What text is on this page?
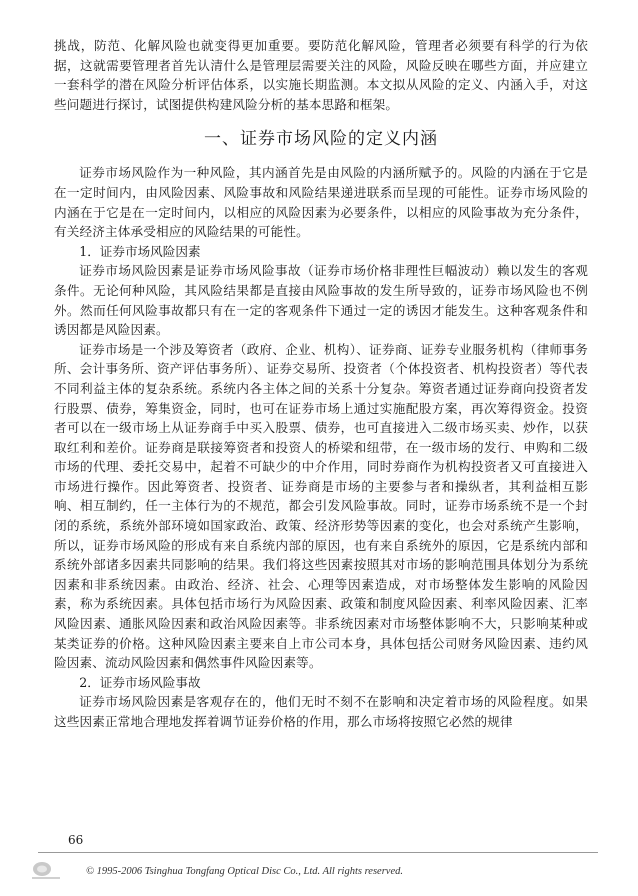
挑战，防范、化解风险也就变得更加重要。要防范化解风险，管理者必须要有科学的行为依据，这就需要管理者首先认清什么是管理层需要关注的风险，风险反映在哪些方面，并应建立一套科学的潜在风险分析评估体系，以实施长期监测。本文拟从风险的定义、内涵入手，对这些问题进行探讨，试图提供构建风险分析的基本思路和框架。

一、证券市场风险的定义内涵

证券市场风险作为一种风险，其内涵首先是由风险的内涵所赋予的。风险的内涵在于它是在一定时间内，由风险因素、风险事故和风险结果递进联系而呈现的可能性。证券市场风险的内涵在于它是在一定时间内，以相应的风险因素为必要条件，以相应的风险事故为充分条件，有关经济主体承受相应的风险结果的可能性。

1．证券市场风险因素

证券市场风险因素是证券市场风险事故（证券市场价格非理性巨幅波动）赖以发生的客观条件。无论何种风险，其风险结果都是直接由风险事故的发生所导致的，证券市场风险也不例外。然而任何风险事故都只有在一定的客观条件下通过一定的诱因才能发生。这种客观条件和诱因都是风险因素。

证券市场是一个涉及筹资者（政府、企业、机构）、证券商、证券专业服务机构（律师事务所、会计事务所、资产评估事务所）、证券交易所、投资者（个体投资者、机构投资者）等代表不同利益主体的复杂系统。系统内各主体之间的关系十分复杂。筹资者通过证券商向投资者发行股票、债券，筹集资金，同时，也可在证券市场上通过实施配股方案，再次筹得资金。投资者可以在一级市场上从证券商手中买入股票、债券，也可直接进入二级市场买卖、炒作，以获取红利和差价。证券商是联接筹资者和投资人的桥梁和纽带，在一级市场的发行、申购和二级市场的代理、委托交易中，起着不可缺少的中介作用，同时券商作为机构投资者又可直接进入市场进行操作。因此筹资者、投资者、证券商是市场的主要参与者和操纵者，其利益相互影响、相互制约，任一主体行为的不规范，都会引发风险事故。同时，证券市场系统不是一个封闭的系统，系统外部环境如国家政治、政策、经济形势等因素的变化，也会对系统产生影响，所以，证券市场风险的形成有来自系统内部的原因，也有来自系统外的原因，它是系统内部和系统外部诸多因素共同影响的结果。我们将这些因素按照其对市场的影响范围具体划分为系统因素和非系统因素。由政治、经济、社会、心理等因素造成，对市场整体发生影响的风险因素，称为系统因素。具体包括市场行为风险因素、政策和制度风险因素、利率风险因素、汇率风险因素、通胀风险因素和政治风险因素等。非系统因素对市场整体影响不大，只影响某种或某类证券的价格。这种风险因素主要来自上市公司本身，具体包括公司财务风险因素、违约风险因素、流动风险因素和偶然事件风险因素等。

2．证券市场风险事故

证券市场风险因素是客观存在的，他们无时不刻不在影响和决定着市场的风险程度。如果这些因素正常地合理地发挥着调节证券价格的作用，那么市场将按照它必然的规律

66
© 1995-2006 Tsinghua Tongfang Optical Disc Co., Ltd. All rights reserved.
